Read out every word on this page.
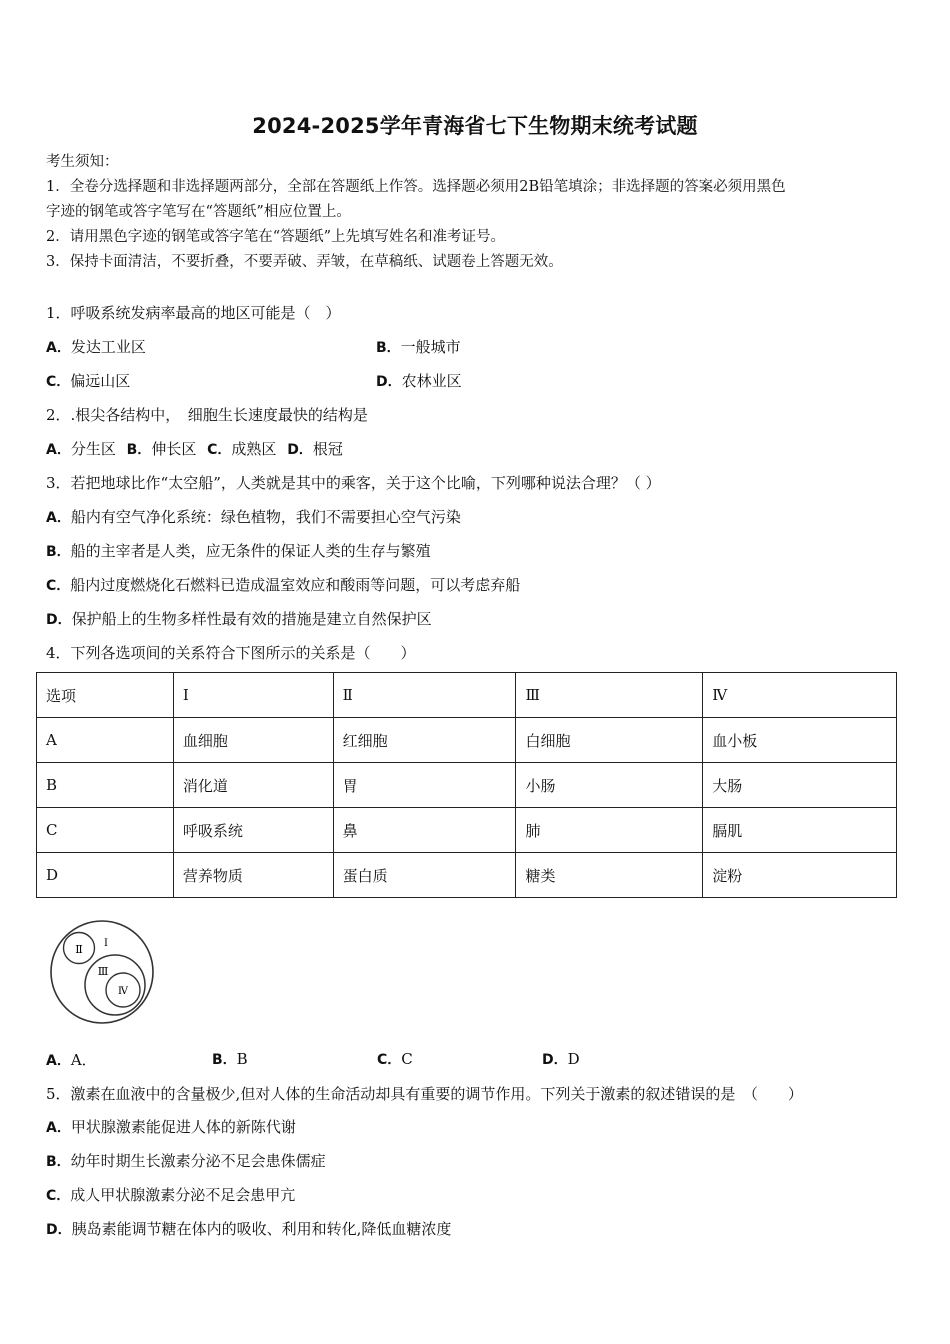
2024-2025学年青海省七下生物期末统考试题

考生须知：

1．全卷分选择题和非选择题两部分，全部在答题纸上作答。选择题必须用2B铅笔填涂；非选择题的答案必须用黑色

字迹的钢笔或答字笔写在“答题纸”相应位置上。

2．请用黑色字迹的钢笔或答字笔在“答题纸”上先填写姓名和准考证号。

3．保持卡面清洁，不要折叠，不要弄破、弄皱，在草稿纸、试题卷上答题无效。

1．呼吸系统发病率最高的地区可能是（　）
A．发达工业区	B．一般城市
C．偏远山区	D．农林业区
2．.根尖各结构中，　细胞生长速度最快的结构是
A．分生区 B．伸长区 C．成熟区 D．根冠
3．若把地球比作“太空船”，人类就是其中的乘客，关于这个比喻，下列哪种说法合理？（ ）
A．船内有空气净化系统：绿色植物，我们不需要担心空气污染
B．船的主宰者是人类，应无条件的保证人类的生存与繁殖
C．船内过度燃烧化石燃料已造成温室效应和酸雨等问题，可以考虑弃船
D．保护船上的生物多样性最有效的措施是建立自然保护区
4．下列各选项间的关系符合下图所示的关系是（　　）
选项	Ⅰ	Ⅱ	Ⅲ	Ⅳ
A	血细胞	红细胞	白细胞	血小板
B	消化道	胃	小肠	大肠
C	呼吸系统	鼻	肺	膈肌
D	营养物质	蛋白质	糖类	淀粉
Ⅱ Ⅰ
Ⅲ
Ⅳ
A．A．	B．B	C．C	D．D
5．激素在血液中的含量极少,但对人体的生命活动却具有重要的调节作用。下列关于激素的叙述错误的是　（　　）
A．甲状腺激素能促进人体的新陈代谢
B．幼年时期生长激素分泌不足会患侏儒症
C．成人甲状腺激素分泌不足会患甲亢
D．胰岛素能调节糖在体内的吸收、利用和转化,降低血糖浓度
